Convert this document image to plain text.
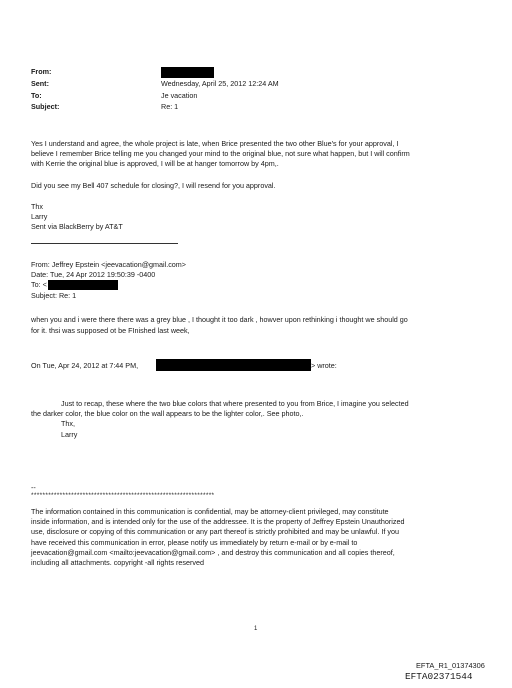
From:
Sent:	Wednesday, April 25, 2012 12:24 AM
To:	Je vacation
Subject:	Re: 1
Yes I understand and agree, the whole project is late, when Brice presented the two other Blue's for your approval, I
believe I remember Brice telling me you changed your mind to the original blue, not sure what happen, but I will confirm
with Kerrie the original blue is approved, I will be at hanger tomorrow by 4pm,.
Did you see my Bell 407 schedule for closing?, I will resend for you approval.
Thx
Larry
Sent via BlackBerry by AT&T
From: Jeffrey Epstein <jeevacation@gmail.com>
Date: Tue, 24 Apr 2012 19:50:39 -0400
To: <
Subject: Re: 1
when you and i were there there was a grey blue , I thought it too dark , howver upon rethinking i thought we should go
for it. thsi was supposed ot be FInished last week,
On Tue, Apr 24, 2012 at 7:44 PM,	> wrote:
Just to recap, these where the two blue colors that where presented to you from Brice, I imagine you selected
the darker color, the blue color on the wall appears to be the lighter color,. See photo,.
Thx,
Larry
--
****************************************************************
The information contained in this communication is confidential, may be attorney-client privileged, may constitute
inside information, and is intended only for the use of the addressee. It is the property of Jeffrey Epstein Unauthorized
use, disclosure or copying of this communication or any part thereof is strictly prohibited and may be unlawful. If you
have received this communication in error, please notify us immediately by return e-mail or by e-mail to
jeevacation@gmail.com <mailto:jeevacation@gmail.com> , and destroy this communication and all copies thereof,
including all attachments. copyright -all rights reserved
1
EFTA_R1_01374306
EFTA02371544
